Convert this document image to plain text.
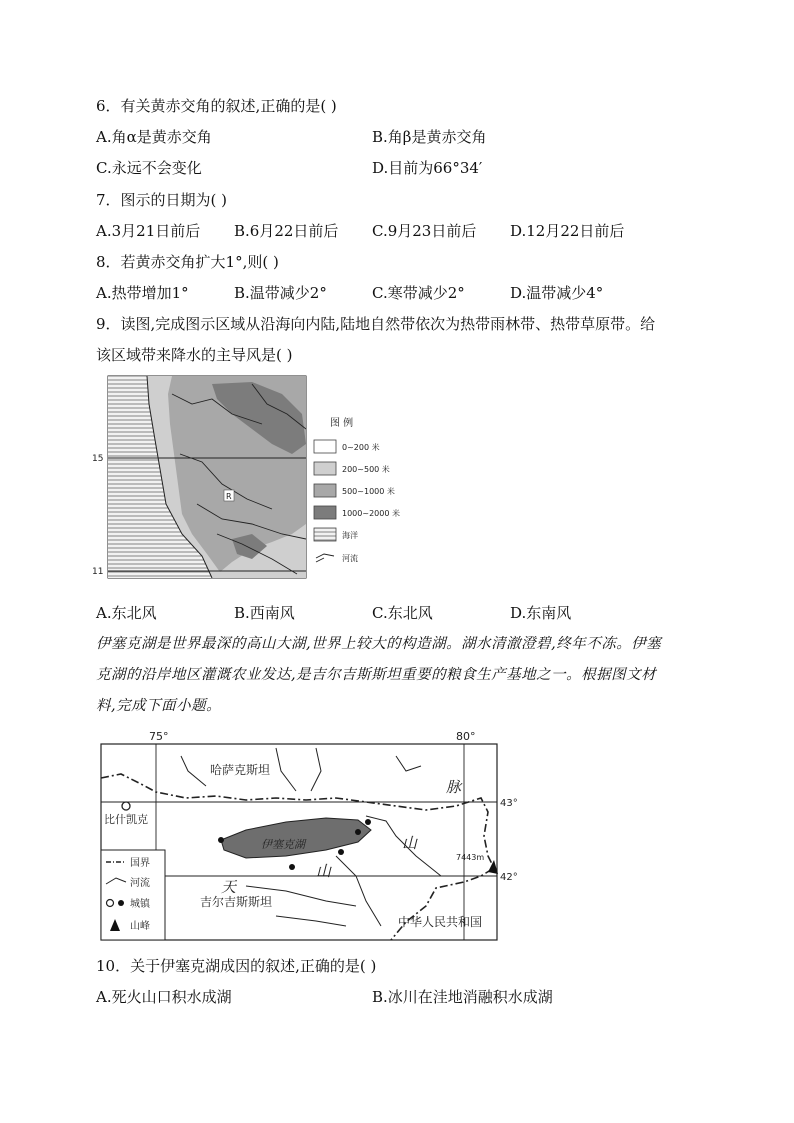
6．有关黄赤交角的叙述,正确的是( )
A.角α是黄赤交角	B.角β是黄赤交角
C.永远不会变化	D.目前为66°34′
7．图示的日期为( )
A.3月21日前后 B.6月22日前后 C.9月23日前后 D.12月22日前后
8．若黄赤交角扩大1°,则( )
A.热带增加1°	B.温带减少2°	C.寒带减少2°	D.温带减少4°
9．读图,完成图示区域从沿海向内陆,陆地自然带依次为热带雨林带、热带草原带。给
该区域带来降水的主导风是( )
15
11
R
图 例
0~200 米
200~500 米
500~1000 米
1000~2000 米
海洋
河流
A.东北风	B.西南风	C.东北风	D.东南风
伊塞克湖是世界最深的高山大湖,世界上较大的构造湖。湖水清澈澄碧,终年不冻。伊塞
克湖的沿岸地区灌溉农业发达,是吉尔吉斯斯坦重要的粮食生产基地之一。根据图文材
料,完成下面小题。
75°	80°
43°
42°
伊塞克湖
比什凯克
7443m
哈萨克斯坦
吉尔吉斯斯坦
中华人民共和国
天
山
脉
山
国界
河流
城镇
山峰
10．关于伊塞克湖成因的叙述,正确的是( )
A.死火山口积水成湖	B.冰川在洼地消融积水成湖
